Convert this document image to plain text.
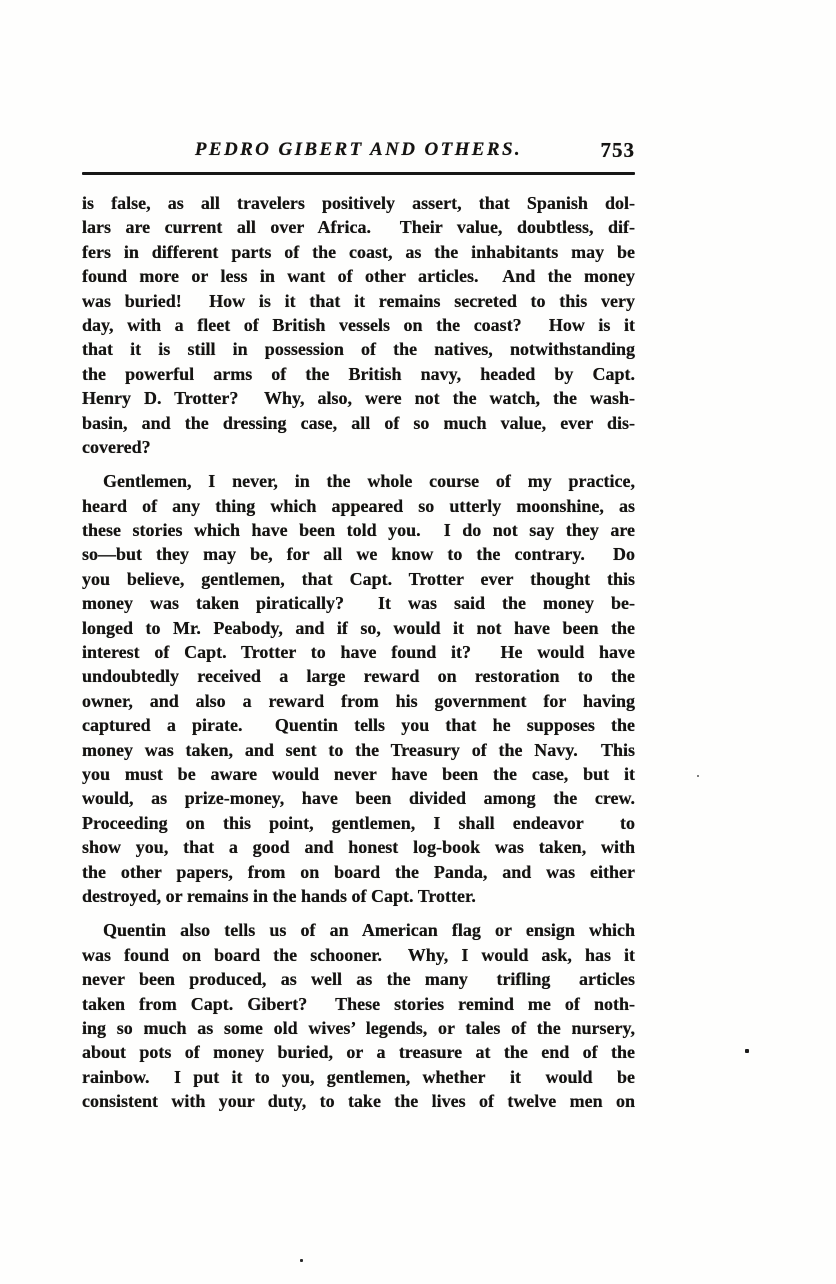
PEDRO GIBERT AND OTHERS.	753
is false, as all travelers positively assert, that Spanish dol-
lars are current all over Africa.  Their value, doubtless, dif-
fers in different parts of the coast, as the inhabitants may be
found more or less in want of other articles.  And the money
was buried!  How is it that it remains secreted to this very
day, with a fleet of British vessels on the coast?  How is it
that it is still in possession of the natives, notwithstanding
the powerful arms of the British navy, headed by Capt.
Henry D. Trotter?  Why, also, were not the watch, the wash-
basin, and the dressing case, all of so much value, ever dis-
covered?
Gentlemen, I never, in the whole course of my practice,
heard of any thing which appeared so utterly moonshine, as
these stories which have been told you.  I do not say they are
so—but they may be, for all we know to the contrary.  Do
you believe, gentlemen, that Capt. Trotter ever thought this
money was taken piratically?  It was said the money be-
longed to Mr. Peabody, and if so, would it not have been the
interest of Capt. Trotter to have found it?  He would have
undoubtedly received a large reward on restoration to the
owner, and also a reward from his government for having
captured a pirate.  Quentin tells you that he supposes the
money was taken, and sent to the Treasury of the Navy.  This
you must be aware would never have been the case, but it
would, as prize-money, have been divided among the crew.
Proceeding on this point, gentlemen, I shall endeavor  to
show you, that a good and honest log-book was taken, with
the other papers, from on board the Panda, and was either
destroyed, or remains in the hands of Capt. Trotter.
Quentin also tells us of an American flag or ensign which
was found on board the schooner.  Why, I would ask, has it
never been produced, as well as the many  trifling  articles
taken from Capt. Gibert?  These stories remind me of noth-
ing so much as some old wives’ legends, or tales of the nursery,
about pots of money buried, or a treasure at the end of the
rainbow.  I put it to you, gentlemen, whether  it  would  be
consistent with your duty, to take the lives of twelve men on
